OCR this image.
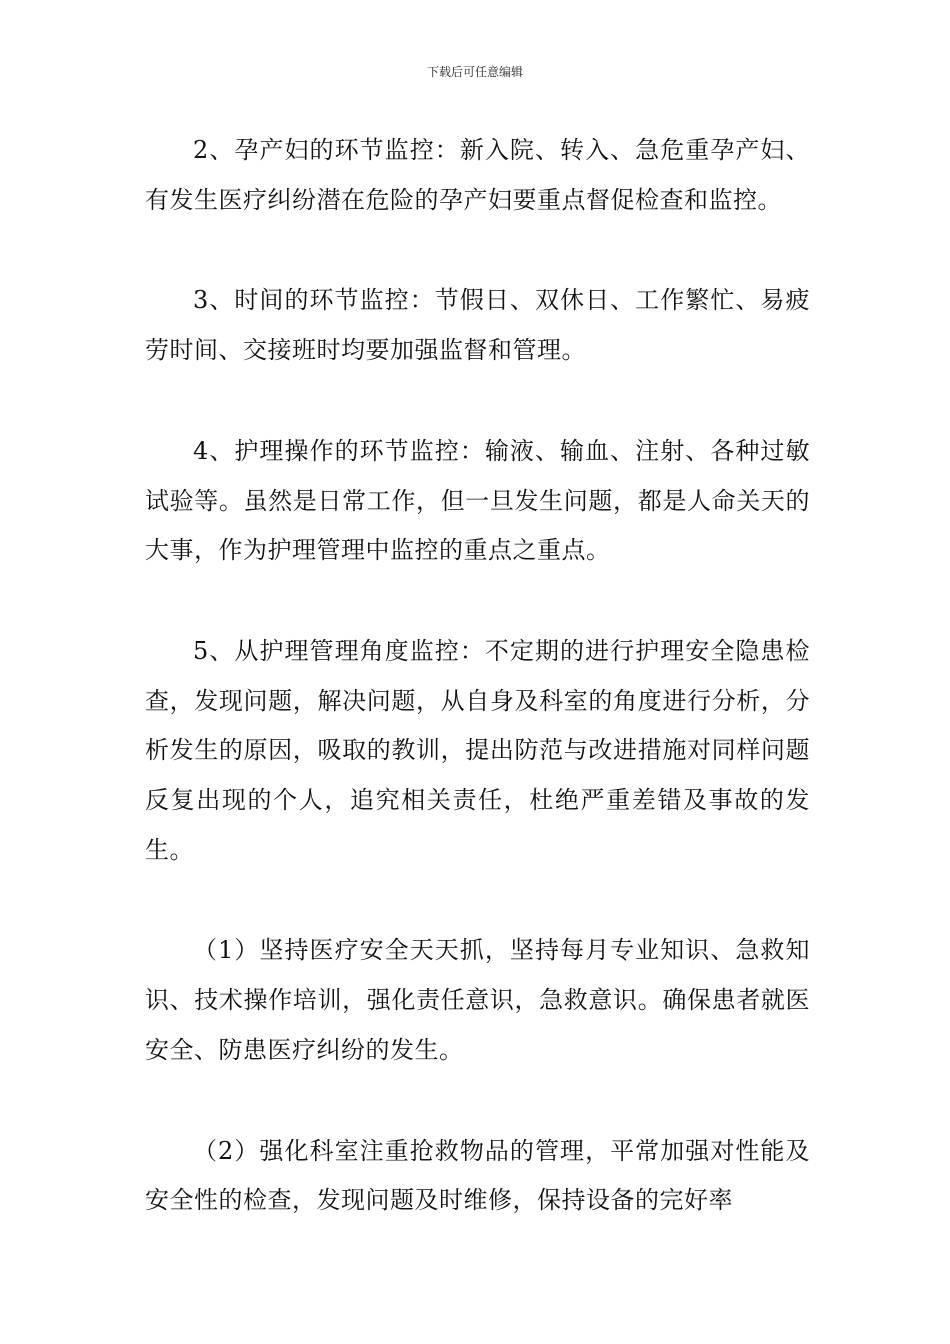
下载后可任意编辑

2、孕产妇的环节监控：新入院、转入、急危重孕产妇、有发生医疗纠纷潜在危险的孕产妇要重点督促检查和监控。

3、时间的环节监控：节假日、双休日、工作繁忙、易疲劳时间、交接班时均要加强监督和管理。

4、护理操作的环节监控：输液、输血、注射、各种过敏试验等。虽然是日常工作，但一旦发生问题，都是人命关天的大事，作为护理管理中监控的重点之重点。

5、从护理管理角度监控：不定期的进行护理安全隐患检查，发现问题，解决问题，从自身及科室的角度进行分析，分析发生的原因，吸取的教训，提出防范与改进措施对同样问题反复出现的个人，追究相关责任，杜绝严重差错及事故的发生。

（1）坚持医疗安全天天抓，坚持每月专业知识、急救知识、技术操作培训，强化责任意识，急救意识。确保患者就医安全、防患医疗纠纷的发生。

（2）强化科室注重抢救物品的管理，平常加强对性能及安全性的检查，发现问题及时维修，保持设备的完好率
